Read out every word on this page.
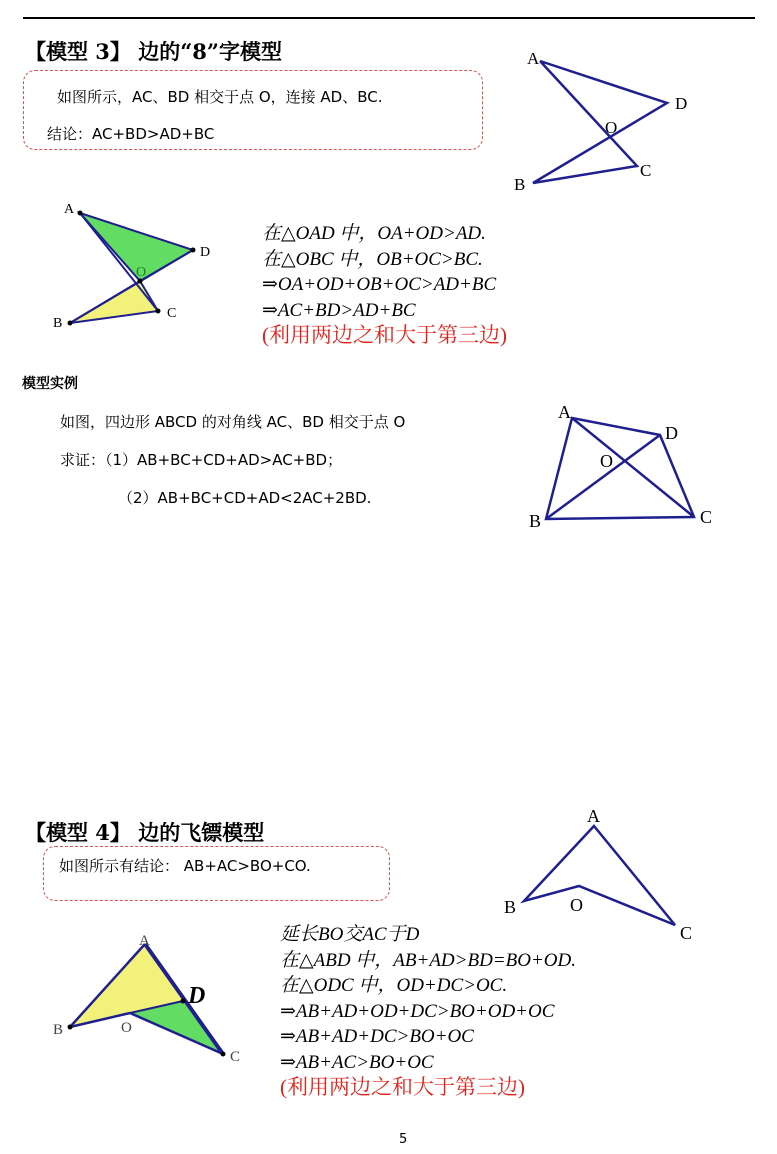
【模型 3】 边的“8”字模型
如图所示，AC、BD 相交于点 O，连接 AD、BC.
结论：AC+BD>AD+BC
A
D
O
C
B
A
D
O
C
B
在△OAD 中，OA+OD>AD.
在△OBC 中，OB+OC>BC.
⇒OA+OD+OB+OC>AD+BC
⇒AC+BD>AD+BC
(利用两边之和大于第三边)
模型实例
如图，四边形 ABCD 的对角线 AC、BD 相交于点 O
求证：（1）AB+BC+CD+AD>AC+BD；
（2）AB+BC+CD+AD<2AC+2BD.
A
D
O
C
B
【模型 4】 边的飞镖模型
如图所示有结论： AB+AC>BO+CO.
A
B	O
C
A
D
B	O
C
延长BO交AC于D
在△ABD 中，AB+AD>BD=BO+OD.
在△ODC 中，OD+DC>OC.
⇒AB+AD+OD+DC>BO+OD+OC
⇒AB+AD+DC>BO+OC
⇒AB+AC>BO+OC
(利用两边之和大于第三边)
5
